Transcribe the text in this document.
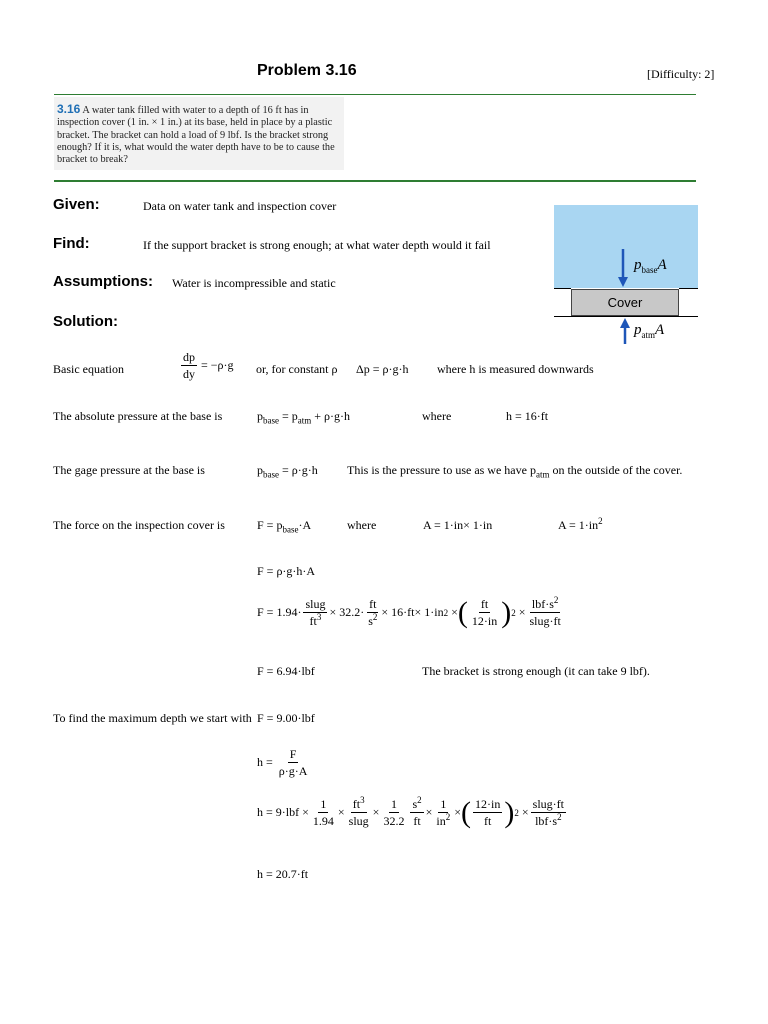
Problem 3.16	[Difficulty: 2]
3.16 A water tank filled with water to a depth of 16 ft has in inspection cover (1 in. × 1 in.) at its base, held in place by a plastic bracket. The bracket can hold a load of 9 lbf. Is the bracket strong enough? If it is, what would the water depth have to be to cause the bracket to break?
Given:	Data on water tank and inspection cover
Find:	If the support bracket is strong enough; at what water depth would it fail
Assumptions: Water is incompressible and static
Solution:
Cover
$p_{base}A$
$p_{atm}A$
Basic equation	$\frac{dp}{dy} = -\rho\cdot g$ or, for constant ρ Δp = ρ·g·h where h is measured downwards
The absolute pressure at the base is	$p_{base} = p_{atm} + \rho\cdot g\cdot h$	where	h = 16·ft
The gage pressure at the base is	$p_{base} = \rho\cdot g\cdot h$ This is the pressure to use as we have $p_{atm}$ on the outside of the cover.
The force on the inspection cover is	$F = p_{base}\cdot A$	where	A = 1·in× 1·in	$A = 1\cdot in^2$
F = ρ·g·h·A
$F = 1.94\cdot \frac{\text{slug}}{ft^3} \times 32.2\cdot \frac{ft}{s^2} \times 16\cdot ft\times 1\cdot in$ 2 × ( $\frac{ft}{12\cdot in}$ ) $2 \times \frac{lbf\cdot s^2}{\text{slug·ft}}$
F = 6.94·lbf	The bracket is strong enough (it can take 9 lbf).
To find the maximum depth we start with F = 9.00·lbf
$h = \frac{F}{\rho\cdot g\cdot A}$
$h = 9\cdot lbf \times \frac{1}{1.94} \times \frac{ft^3}{\text{slug}} \times \frac{1}{32.2} \frac{s^2}{ft} \times \frac{1}{in^2}$ × ( $\frac{12\cdot in}{ft}$ ) $2 \times \frac{\text{slug·ft}}{lbf\cdot s^2}$
h = 20.7·ft
